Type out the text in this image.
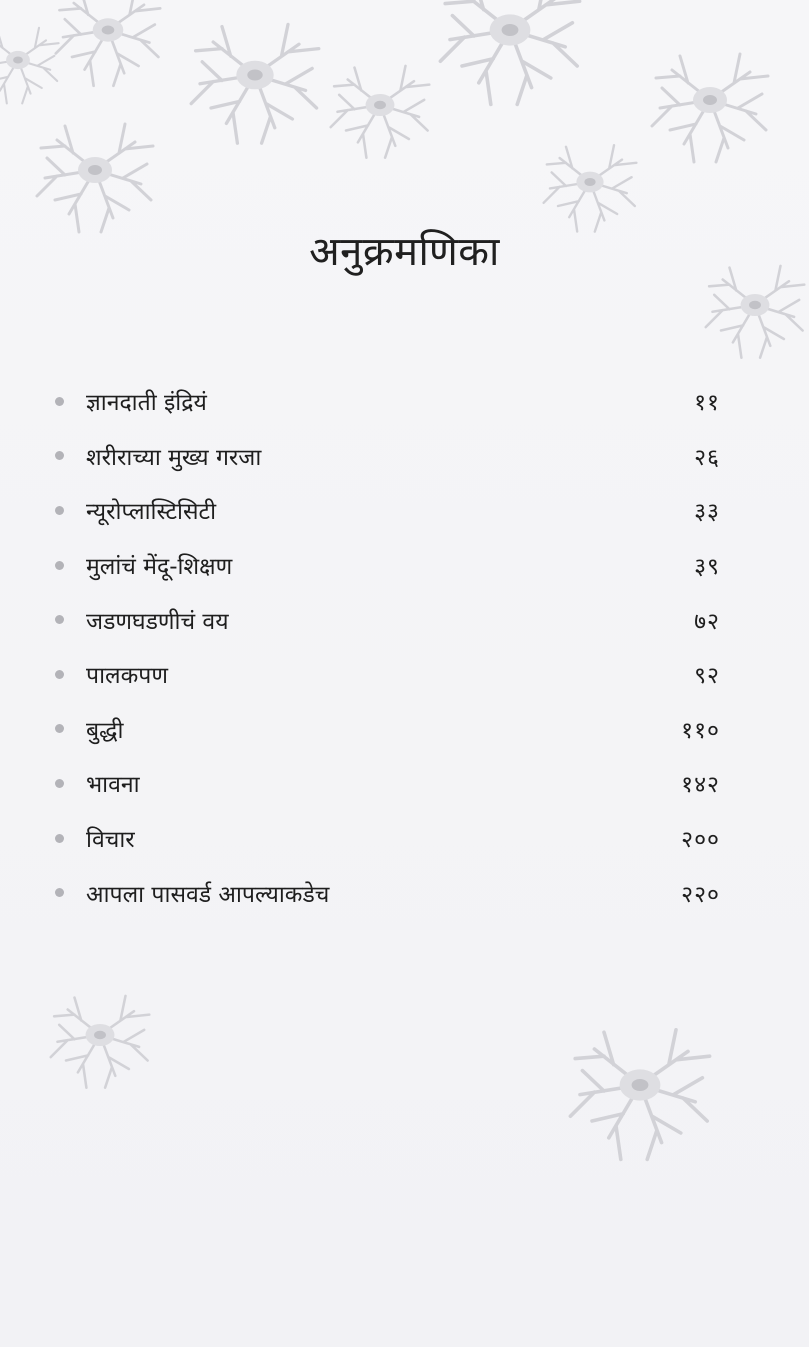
अनुक्रमणिका
ज्ञानदाती इंद्रियं	११
शरीराच्या मुख्य गरजा	२६
न्यूरोप्लास्टिसिटी	३३
मुलांचं मेंदू-शिक्षण	३९
जडणघडणीचं वय	७२
पालकपण	९२
बुद्धी	११०
भावना	१४२
विचार	२००
आपला पासवर्ड आपल्याकडेच	२२०
